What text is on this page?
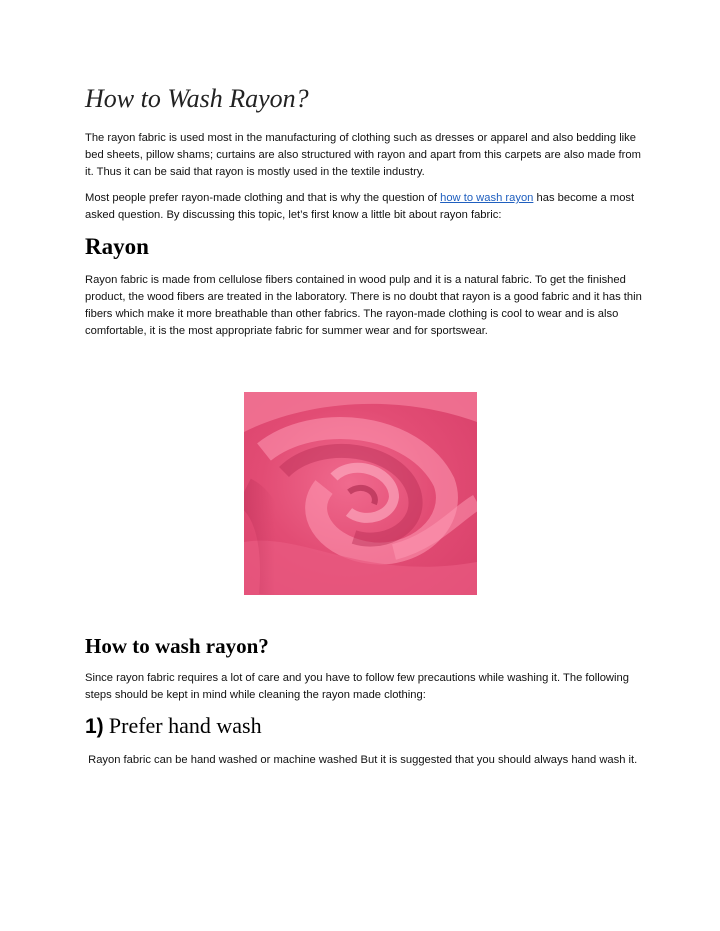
How to Wash Rayon?

The rayon fabric is used most in the manufacturing of clothing such as dresses or apparel and also bedding like bed sheets, pillow shams; curtains are also structured with rayon and apart from this carpets are also made from it. Thus it can be said that rayon is mostly used in the textile industry.

Most people prefer rayon-made clothing and that is why the question of how to wash rayon has become a most asked question. By discussing this topic, let’s first know a little bit about rayon fabric:

Rayon

Rayon fabric is made from cellulose fibers contained in wood pulp and it is a natural fabric. To get the finished product, the wood fibers are treated in the laboratory. There is no doubt that rayon is a good fabric and it has thin fibers which make it more breathable than other fabrics. The rayon-made clothing is cool to wear and is also comfortable, it is the most appropriate fabric for summer wear and for sportswear.

How to wash rayon?

Since rayon fabric requires a lot of care and you have to follow few precautions while washing it. The following steps should be kept in mind while cleaning the rayon made clothing:

1) Prefer hand wash

Rayon fabric can be hand washed or machine washed But it is suggested that you should always hand wash it.
